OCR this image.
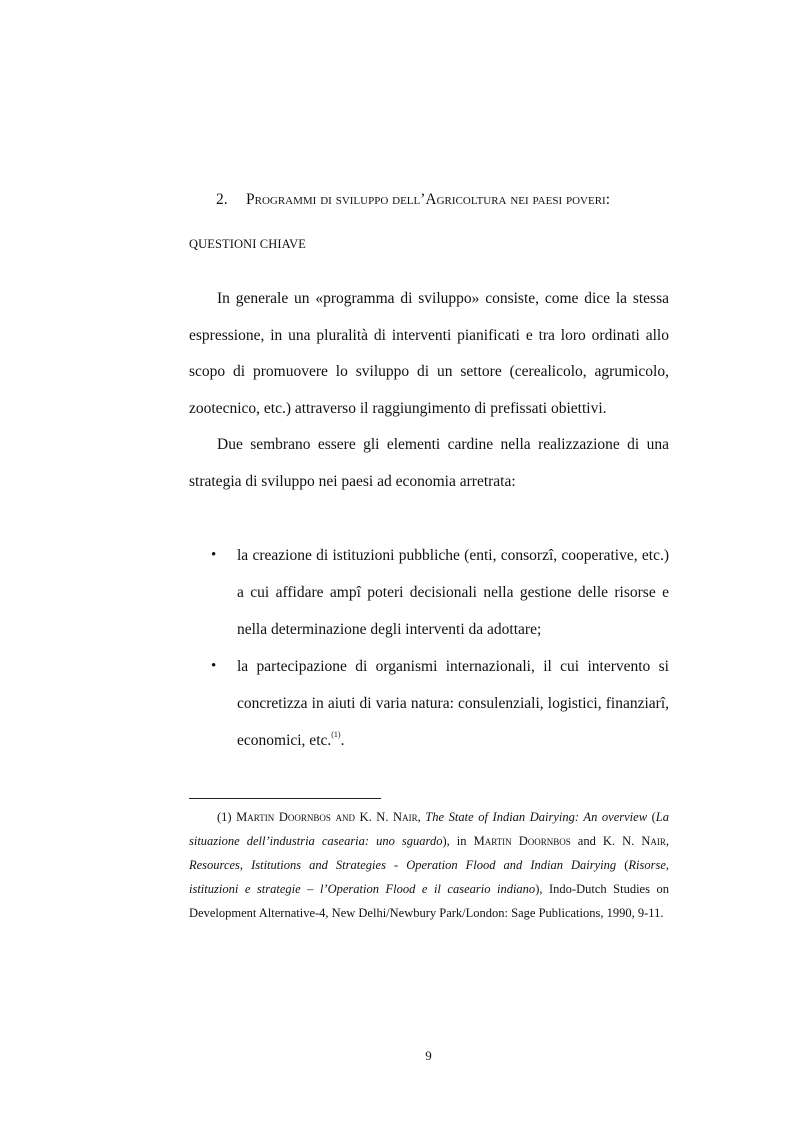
2. Programmi di sviluppo dell’Agricoltura nei paesi poveri:
QUESTIONI CHIAVE
In generale un «programma di sviluppo» consiste, come dice la stessa espressione, in una pluralità di interventi pianificati e tra loro ordinati allo scopo di promuovere lo sviluppo di un settore (cerealicolo, agrumicolo, zootecnico, etc.) attraverso il raggiungimento di prefissati obiettivi.
Due sembrano essere gli elementi cardine nella realizzazione di una strategia di sviluppo nei paesi ad economia arretrata:
• la creazione di istituzioni pubbliche (enti, consorzî, cooperative, etc.) a cui affidare ampî poteri decisionali nella gestione delle risorse e nella determinazione degli interventi da adottare;
• la partecipazione di organismi internazionali, il cui intervento si concretizza in aiuti di varia natura: consulenziali, logistici, finanziarî, economici, etc.$^{(1)}$.
(1) Martin Doornbos and K. N. Nair, The State of Indian Dairying: An overview (La situazione dell’industria casearia: uno sguardo), in Martin Doornbos and K. N. Nair, Resources, Istitutions and Strategies - Operation Flood and Indian Dairying (Risorse, istituzioni e strategie – l’Operation Flood e il caseario indiano), Indo-Dutch Studies on Development Alternative-4, New Delhi/Newbury Park/London: Sage Publications, 1990, 9-11.
9
